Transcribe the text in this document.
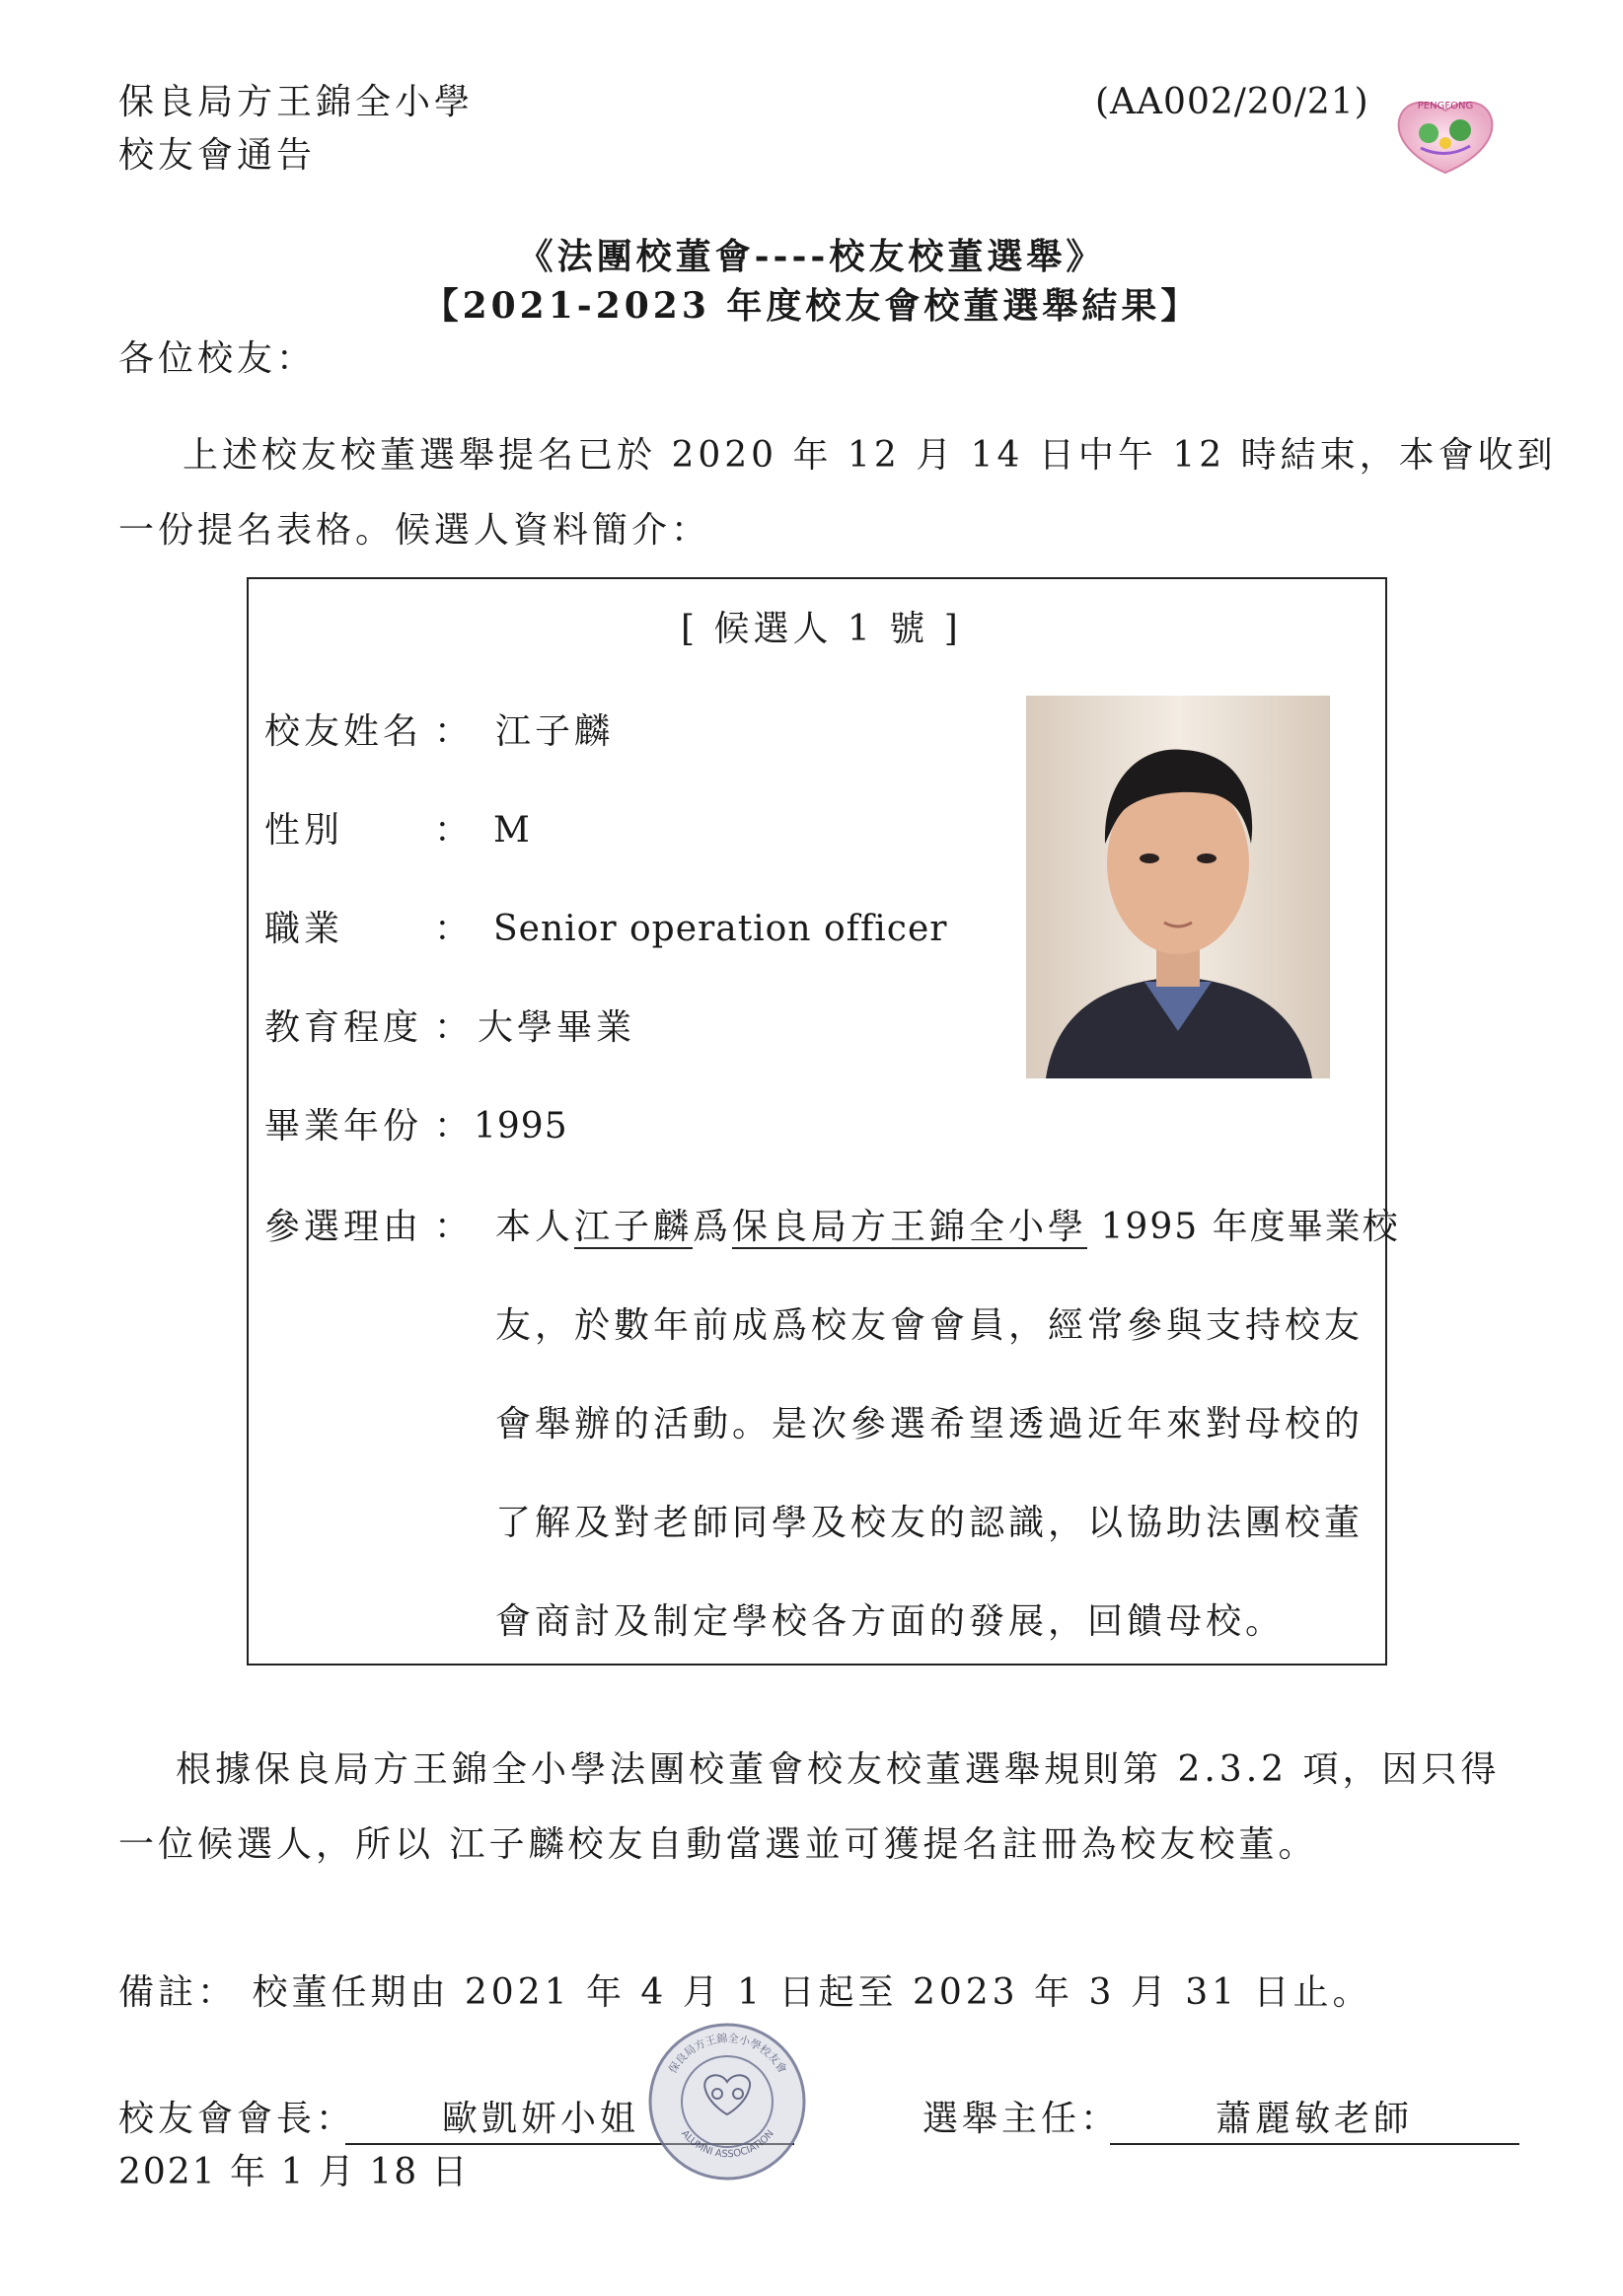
保良局方王錦全小學
校友會通告
(AA002/20/21)	PENGFONG
《法團校董會----校友校董選舉》
【2021-2023 年度校友會校董選舉結果】
各位校友：
上述校友校董選舉提名已於 2020 年 12 月 14 日中午 12 時結束，本會收到
一份提名表格。候選人資料簡介：
[ 候選人 1 號 ]
校友姓名 ： 江子麟
性別	： M
職業	： Senior operation officer
教育程度 ： 大學畢業
畢業年份 ： 1995
參選理由 ： 本人江子麟爲保良局方王錦全小學 1995 年度畢業校
友，於數年前成爲校友會會員，經常參與支持校友
會舉辦的活動。是次參選希望透過近年來對母校的
了解及對老師同學及校友的認識，以協助法團校董
會商討及制定學校各方面的發展，回饋母校。
根據保良局方王錦全小學法團校董會校友校董選舉規則第 2.3.2 項，因只得
一位候選人，所以 江子麟校友自動當選並可獲提名註冊為校友校董。
備註： 校董任期由 2021 年 4 月 1 日起至 2023 年 3 月 31 日止。
校友會會長： 歐凱妍小姐	選舉主任：	蕭麗敏老師
2021 年 1 月 18 日
保良局方王錦全小學校友會
ALUMNI ASSOCIATION
